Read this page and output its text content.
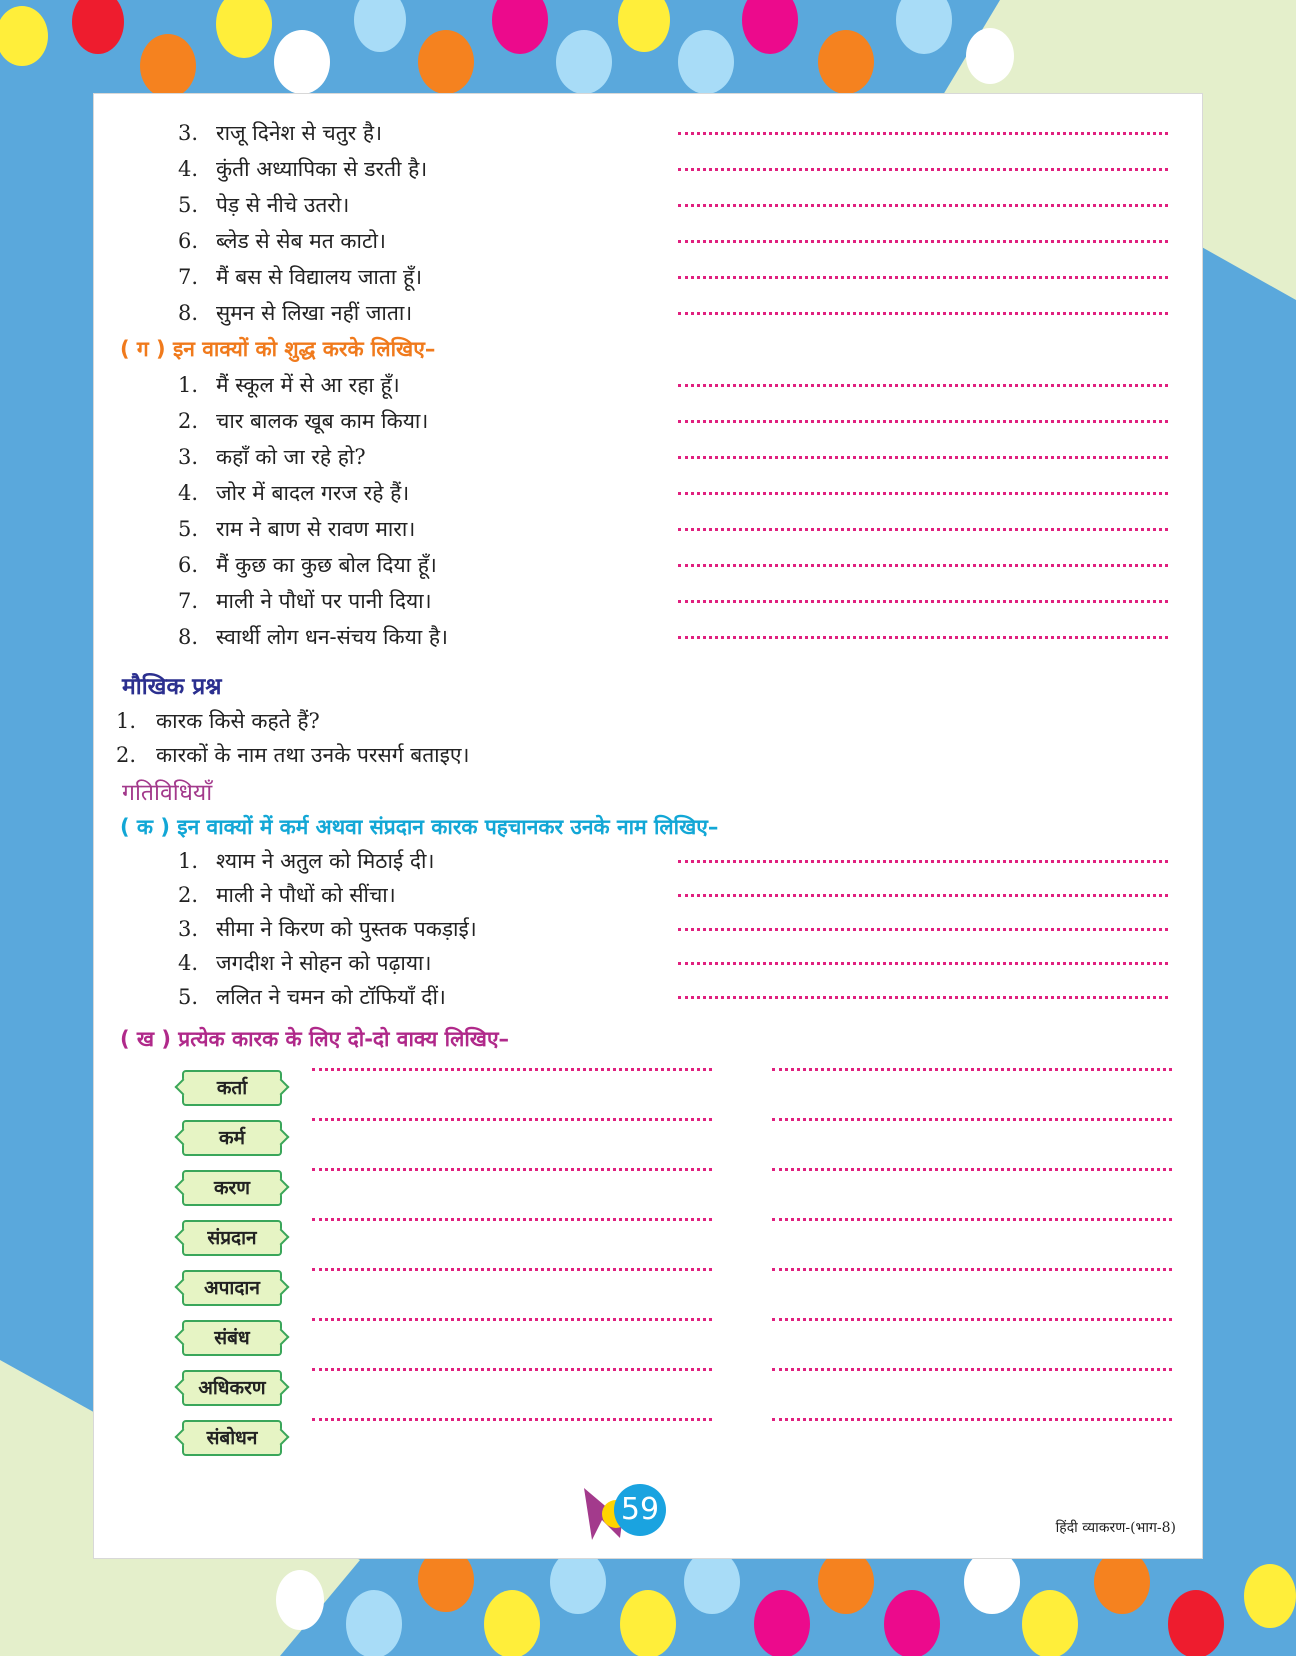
3. राजू दिनेश से चतुर है।
4. कुंती अध्यापिका से डरती है।
5. पेड़ से नीचे उतरो।
6. ब्लेड से सेब मत काटो।
7. मैं बस से विद्यालय जाता हूँ।
8. सुमन से लिखा नहीं जाता।
( ग ) इन वाक्यों को शुद्ध करके लिखिए–
1. मैं स्कूल में से आ रहा हूँ।
2. चार बालक खूब काम किया।
3. कहाँ को जा रहे हो?
4. जोर में बादल गरज रहे हैं।
5. राम ने बाण से रावण मारा।
6. मैं कुछ का कुछ बोल दिया हूँ।
7. माली ने पौधों पर पानी दिया।
8. स्वार्थी लोग धन-संचय किया है।
मौखिक प्रश्न
1. कारक किसे कहते हैं?
2. कारकों के नाम तथा उनके परसर्ग बताइए।
गतिविधियाँ
( क ) इन वाक्यों में कर्म अथवा संप्रदान कारक पहचानकर उनके नाम लिखिए–
1. श्याम ने अतुल को मिठाई दी।
2. माली ने पौधों को सींचा।
3. सीमा ने किरण को पुस्तक पकड़ाई।
4. जगदीश ने सोहन को पढ़ाया।
5. ललित ने चमन को टॉफियाँ दीं।
( ख ) प्रत्येक कारक के लिए दो-दो वाक्य लिखिए–
कर्ता
कर्म
करण
संप्रदान
अपादान
संबंध
अधिकरण
संबोधन
हिंदी व्याकरण-(भाग-8)
59
